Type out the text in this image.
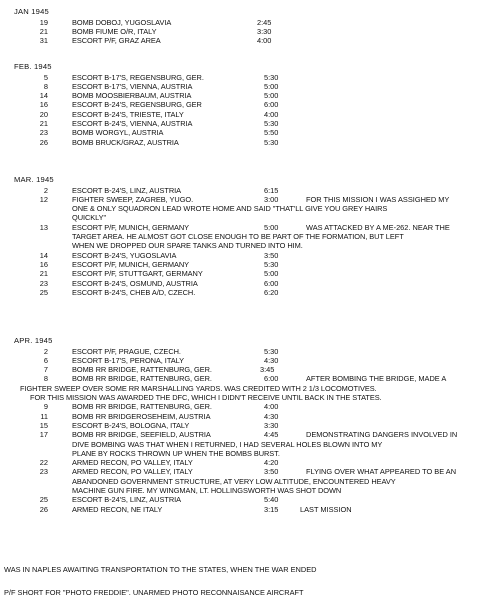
JAN 1945
19	BOMB DOBOJ, YUGOSLAVIA	2:45
21	BOMB FIUME O/R, ITALY	3:30
31	ESCORT P/F, GRAZ AREA	4:00
FEB. 1945
5	ESCORT B-17'S, REGENSBURG, GER.	5:30
8	ESCORT B-17'S, VIENNA, AUSTRIA	5:00
14	BOMB MOOSBIERBAUM, AUSTRIA	5:00
16	ESCORT B-24'S, REGENSBURG, GER	6:00
20	ESCORT B-24'S, TRIESTE, ITALY	4:00
21	ESCORT B-24'S, VIENNA, AUSTRIA	5:30
23	BOMB WORGYL, AUSTRIA	5:50
26	BOMB BRUCK/GRAZ, AUSTRIA	5:30
MAR. 1945
2	ESCORT B-24'S, LINZ, AUSTRIA	6:15
12	FIGHTER SWEEP, ZAGREB, YUGO.	3:00	FOR THIS MISSION I WAS ASSIGHED MY
ONE & ONLY SQUADRON LEAD WROTE HOME AND SAID "THAT'LL GIVE YOU GREY HAIRS
QUICKLY"
13	ESCORT P/F, MUNICH, GERMANY	5:00	WAS ATTACKED BY A ME-262. NEAR THE
TARGET AREA. HE ALMOST GOT CLOSE ENOUGH TO BE PART OF THE FORMATION, BUT LEFT
WHEN WE DROPPED OUR SPARE TANKS AND TURNED INTO HIM.
14	ESCORT B-24'S, YUGOSLAVIA	3:50
16	ESCORT P/F, MUNICH, GERMANY	5:30
21	ESCORT P/F, STUTTGART, GERMANY	5:00
23	ESCORT B-24'S, OSMUND, AUSTRIA	6:00
25	ESCORT B-24'S, CHEB A/D, CZECH.	6:20
APR. 1945
2	ESCORT P/F, PRAGUE, CZECH.	5:30
6	ESCORT B-17'S, PERONA, ITALY	4:30
7	BOMB RR BRIDGE, RATTENBURG, GER.	3:45
8	BOMB RR BRIDGE, RATTENBURG, GER.	6:00	AFTER BOMBING THE BRIDGE, MADE A
FIGHTER SWEEP OVER SOME RR MARSHALLING YARDS. WAS CREDITED WITH 2 1/3 LOCOMOTIVES.
FOR THIS MISSION WAS AWARDED THE DFC, WHICH I DIDN'T RECEIVE UNTIL BACK IN THE STATES.
9	BOMB RR BRIDGE, RATTENBURG, GER.	4:00
11	BOMB RR BRIDGEROSEHEIM, AUSTRIA	4:30
15	ESCORT B-24'S, BOLOGNA, ITALY	3:30
17	BOMB RR BRIDGE, SEEFIELD, AUSTRIA	4:45	DEMONSTRATING DANGERS INVOLVED IN
DIVE BOMBING WAS THAT WHEN I RETURNED, I HAD SEVERAL HOLES BLOWN INTO MY
PLANE BY ROCKS THROWN UP WHEN THE BOMBS BURST.
22	ARMED RECON, PO VALLEY, ITALY	4:20
23	ARMED RECON, PO VALLEY, ITALY	3:50	FLYING OVER WHAT APPEARED TO BE AN
ABANDONED GOVERNMENT STRUCTURE, AT VERY LOW ALTITUDE, ENCOUNTERED HEAVY
MACHINE GUN FIRE. MY WINGMAN, LT. HOLLINGSWORTH WAS SHOT DOWN
25	ESCORT B-24'S, LINZ, AUSTRIA	5:40
26	ARMED RECON, NE ITALY	3:15	LAST MISSION
WAS IN NAPLES AWAITING TRANSPORTATION TO THE STATES, WHEN THE WAR ENDED
P/F SHORT FOR "PHOTO FREDDIE". UNARMED PHOTO RECONNAISANCE AIRCRAFT
